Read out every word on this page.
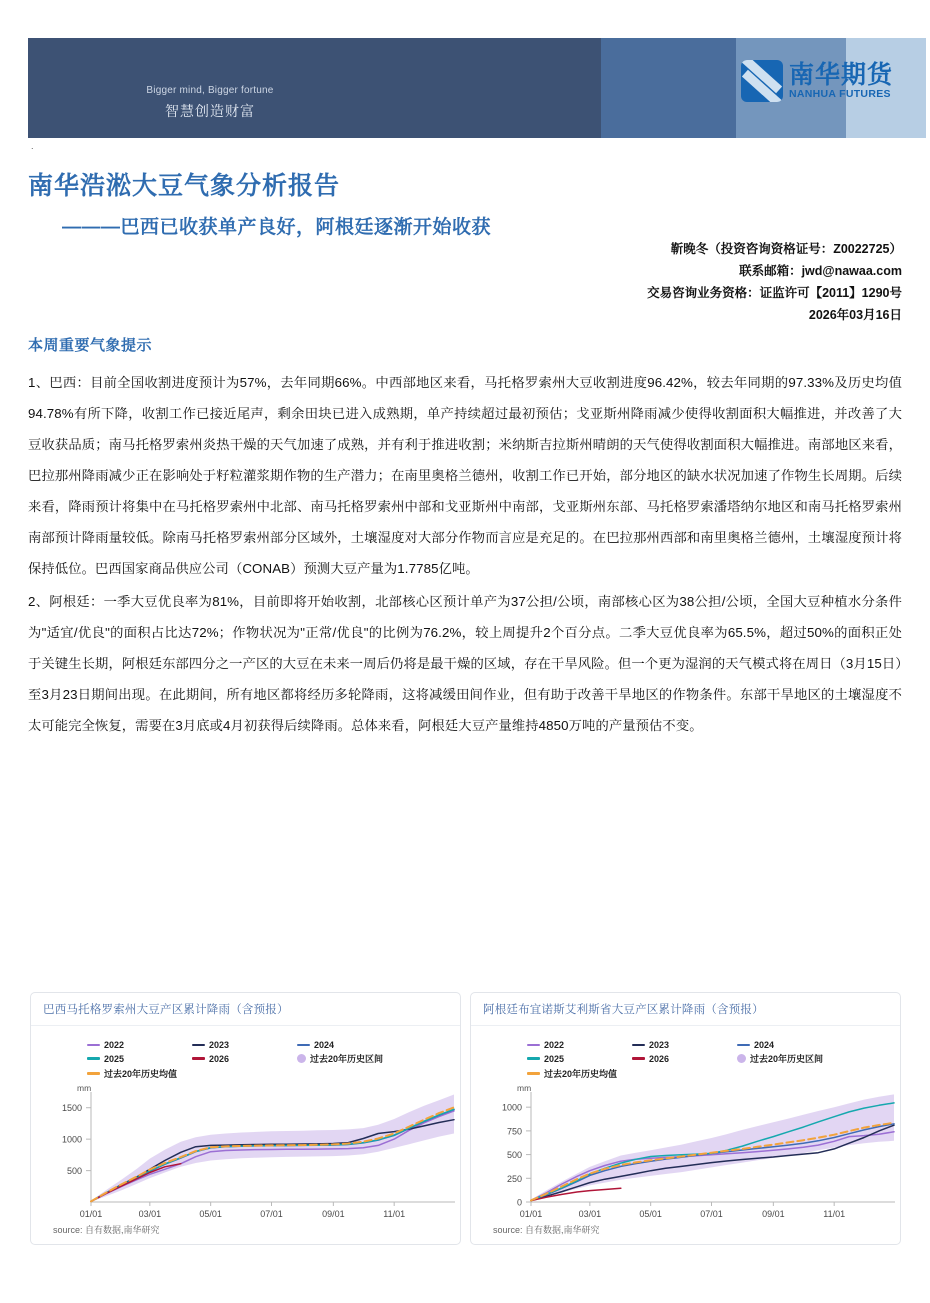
Bigger mind, Bigger fortune
智慧创造财富
南华期货
NANHUA FUTURES
.
南华浩淞大豆气象分析报告
———巴西已收获单产良好，阿根廷逐渐开始收获
靳晚冬（投资咨询资格证号：Z0022725）
联系邮箱：jwd@nawaa.com
交易咨询业务资格：证监许可【2011】1290号
2026年03月16日
本周重要气象提示

1、巴西：目前全国收割进度预计为57%，去年同期66%。中西部地区来看，马托格罗索州大豆收割进度96.42%，较去年同期的97.33%及历史均值94.78%有所下降，收割工作已接近尾声，剩余田块已进入成熟期，单产持续超过最初预估；戈亚斯州降雨减少使得收割面积大幅推进，并改善了大豆收获品质；南马托格罗索州炎热干燥的天气加速了成熟，并有利于推进收割；米纳斯吉拉斯州晴朗的天气使得收割面积大幅推进。南部地区来看，巴拉那州降雨减少正在影响处于籽粒灌浆期作物的生产潜力；在南里奥格兰德州，收割工作已开始，部分地区的缺水状况加速了作物生长周期。后续来看，降雨预计将集中在马托格罗索州中北部、南马托格罗索州中部和戈亚斯州中南部，戈亚斯州东部、马托格罗索潘塔纳尔地区和南马托格罗索州南部预计降雨量较低。除南马托格罗索州部分区域外，土壤湿度对大部分作物而言应是充足的。在巴拉那州西部和南里奥格兰德州，土壤湿度预计将保持低位。巴西国家商品供应公司（CONAB）预测大豆产量为1.7785亿吨。

2、阿根廷：一季大豆优良率为81%，目前即将开始收割，北部核心区预计单产为37公担/公顷，南部核心区为38公担/公顷，全国大豆种植水分条件为"适宜/优良"的面积占比达72%；作物状况为"正常/优良"的比例为76.2%，较上周提升2个百分点。二季大豆优良率为65.5%，超过50%的面积正处于关键生长期，阿根廷东部四分之一产区的大豆在未来一周后仍将是最干燥的区域，存在干旱风险。但一个更为湿润的天气模式将在周日（3月15日）至3月23日期间出现。在此期间，所有地区都将经历多轮降雨，这将减缓田间作业，但有助于改善干旱地区的作物条件。东部干旱地区的土壤湿度不太可能完全恢复，需要在3月底或4月初获得后续降雨。总体来看，阿根廷大豆产量维持4850万吨的产量预估不变。

巴西马托格罗索州大豆产区累计降雨（含预报）
2022	2023	2024
2025	2026	过去20年历史区间
过去20年历史均值
500
1000
1500
mm
01/01	03/01	05/01	07/01	09/01	11/01
source: 自有数据,南华研究
阿根廷布宜诺斯艾利斯省大豆产区累计降雨（含预报）
2022	2023	2024
2025	2026	过去20年历史区间
过去20年历史均值
0
250
500
750
1000
mm
01/01	03/01	05/01	07/01	09/01	11/01
source: 自有数据,南华研究
